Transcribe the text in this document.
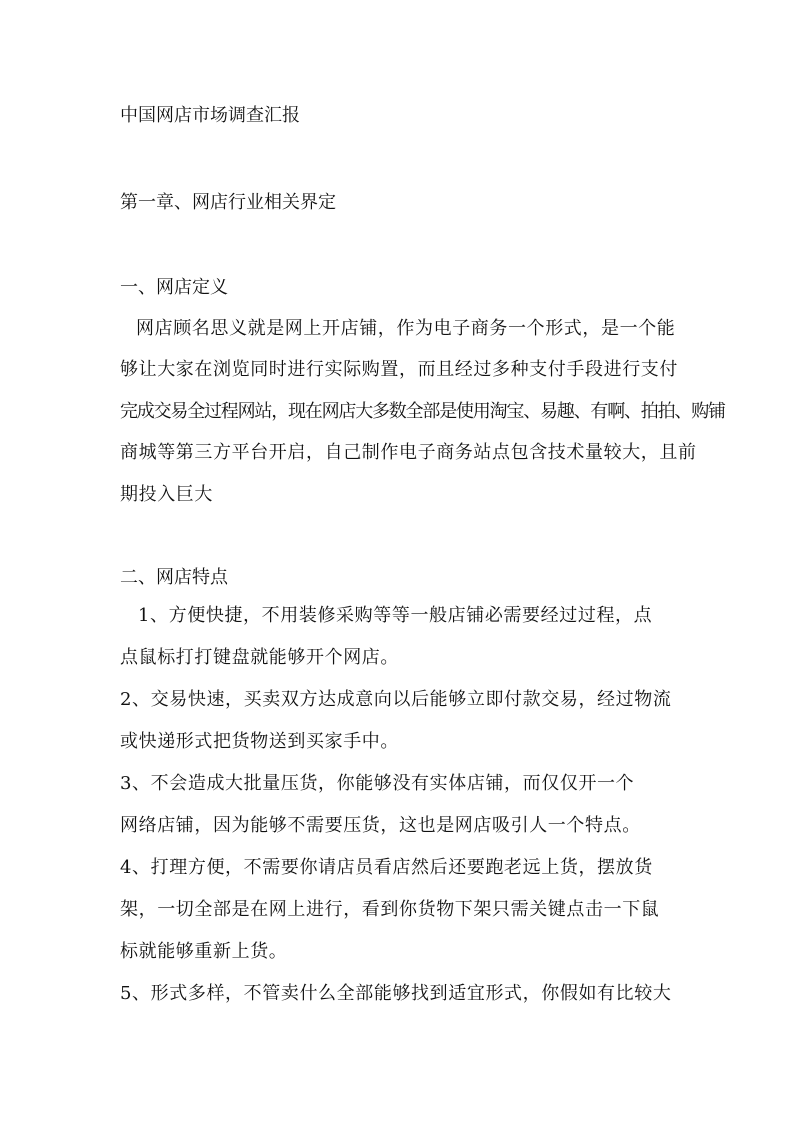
中国网店市场调查汇报
第一章、网店行业相关界定
一、网店定义
网店顾名思义就是网上开店铺，作为电子商务一个形式，是一个能
够让大家在浏览同时进行实际购置，而且经过多种支付手段进行支付
完成交易全过程网站，现在网店大多数全部是使用淘宝、易趣、有啊、拍拍、购铺
商城等第三方平台开启，自己制作电子商务站点包含技术量较大，且前
期投入巨大
二、网店特点
1、方便快捷，不用装修采购等等一般店铺必需要经过过程，点
点鼠标打打键盘就能够开个网店。
2、交易快速，买卖双方达成意向以后能够立即付款交易，经过物流
或快递形式把货物送到买家手中。
3、不会造成大批量压货，你能够没有实体店铺，而仅仅开一个
网络店铺，因为能够不需要压货，这也是网店吸引人一个特点。
4、打理方便，不需要你请店员看店然后还要跑老远上货，摆放货
架，一切全部是在网上进行，看到你货物下架只需关键点击一下鼠
标就能够重新上货。
5、形式多样，不管卖什么全部能够找到适宜形式，你假如有比较大
